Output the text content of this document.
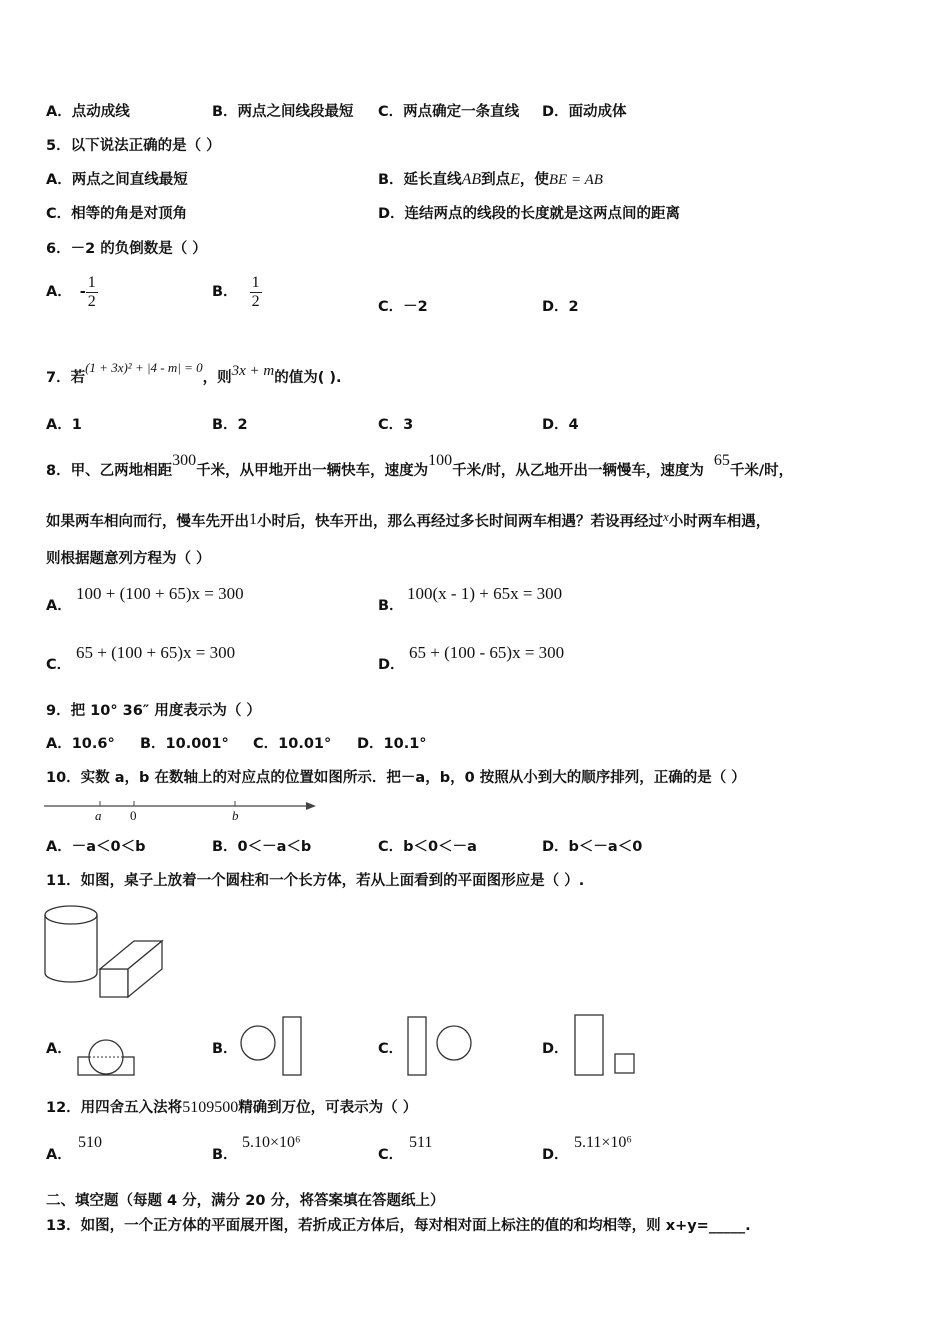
A．点动成线	B．两点之间线段最短 C．两点确定一条直线 D．面动成体
5．以下说法正确的是（ ）
A．两点之间直线最短	B．延长直线AB到点E，使BE = AB
C．相等的角是对顶角	D．连结两点的线段的长度就是这两点间的距离
6．－2 的负倒数是（ ）
A． - $\frac{1}{2}$	B． $\frac{1}{2}$	C．－2	D．2
7．若(1 + 3x)² + |4 - m| = 0，则3x + m的值为( ).
A．1	B．2	C．3	D．4
8．甲、乙两地相距300千米，从甲地开出一辆快车，速度为100千米/时，从乙地开出一辆慢车，速度为65千米/时，
如果两车相向而行，慢车先开出1小时后，快车开出，那么再经过多长时间两车相遇？若设再经过x小时两车相遇，
则根据题意列方程为（ ）
A．
100 + (100 + 65)x = 300
B．
100(x - 1) + 65x = 300
C．
65 + (100 + 65)x = 300
D．
65 + (100 - 65)x = 300
9．把 10° 36″ 用度表示为（ ）
A．10.6° B．10.001° C．10.01° D．10.1°
10．实数 a，b 在数轴上的对应点的位置如图所示．把－a，b，0 按照从小到大的顺序排列，正确的是（ ）
a 0	b
A．－a＜0＜b	B．0＜－a＜b	C．b＜0＜－a	D．b＜－a＜0
11．如图，桌子上放着一个圆柱和一个长方体，若从上面看到的平面图形应是（ ）.
A．	B．	C．	D．
12．用四舍五入法将5109500精确到万位，可表示为（ ）
A．
510
B．
5.10×10⁶
C．
511
D．
5.11×10⁶
二、填空题（每题 4 分，满分 20 分，将答案填在答题纸上）
13．如图，一个正方体的平面展开图，若折成正方体后，每对相对面上标注的值的和均相等，则 x+y=_____.
